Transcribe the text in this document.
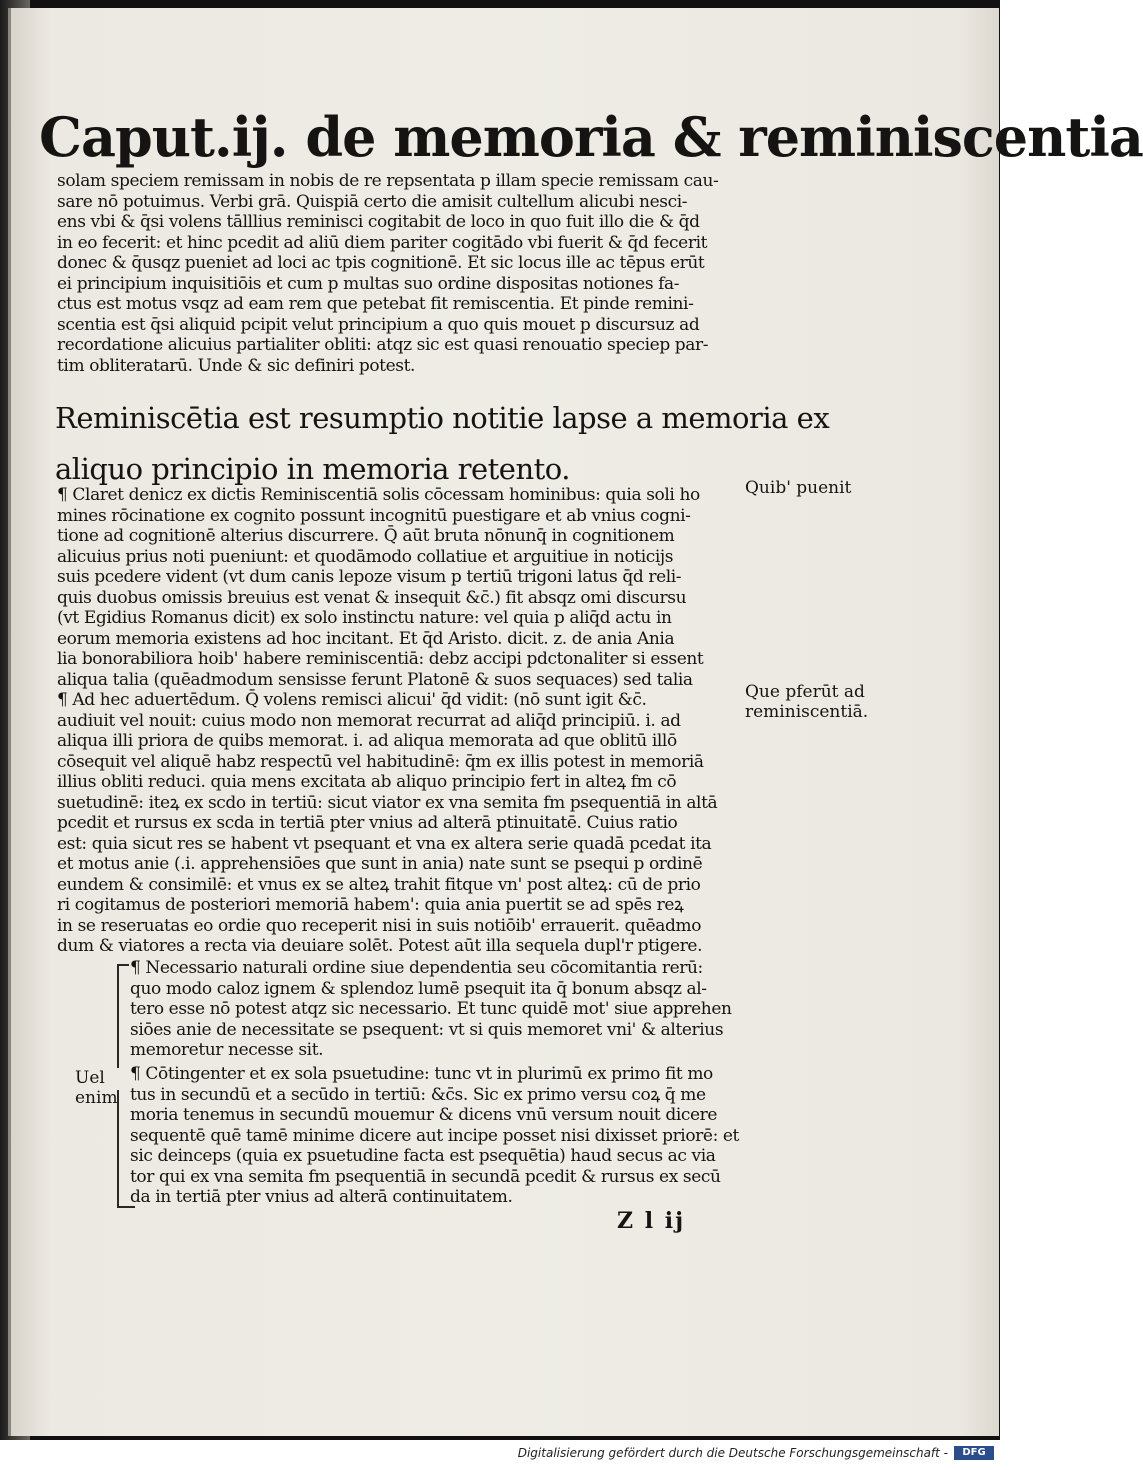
Caput.ij. de memoria & reminiscentia
solam speciem remissam in nobis de re repsentata p illam specie remissam cau-
sare nō potuimus. Verbi grā. Quispiā certo die amisit cultellum alicubi nesci-
ens vbi & q̄si volens tālllius reminisci cogitabit de loco in quo fuit illo die & q̄d
in eo fecerit: et hinc pcedit ad aliū diem pariter cogitādo vbi fuerit & q̄d fecerit
donec & q̄usqz pueniet ad loci ac tpis cognitionē. Et sic locus ille ac tēpus erūt
ei principium inquisitiōis et cum p multas suo ordine dispositas notiones fa-
ctus est motus vsqz ad eam rem que petebat fit remiscentia. Et pinde remini-
scentia est q̄si aliquid pcipit velut principium a quo quis mouet p discursuz ad
recordatione alicuius partialiter obliti: atqz sic est quasi renouatio speciep par-
tim obliteratarū. Unde & sic definiri potest.
Reminiscētia est resumptio notitie lapse a memoria ex
aliquo principio in memoria retento.
¶ Claret denicz ex dictis Reminiscentiā solis cōcessam hominibus: quia soli ho
mines rōcinatione ex cognito possunt incognitū puestigare et ab vnius cogni-
tione ad cognitionē alterius discurrere. Q̄ aūt bruta nōnunq̄ in cognitionem
alicuius prius noti pueniunt: et quodāmodo collatiue et arguitiue in noticijs
suis pcedere vident (vt dum canis lepoze visum p tertiū trigoni latus q̄d reli-
quis duobus omissis breuius est venat & insequit &c̄.) fit absqz omi discursu
(vt Egidius Romanus dicit) ex solo instinctu nature: vel quia p aliq̄d actu in
eorum memoria existens ad hoc incitant. Et q̄d Aristo. dicit. z. de ania Ania
lia bonorabiliora hoib' habere reminiscentiā: debz accipi pdctonaliter si essent
aliqua talia (quēadmodum sensisse ferunt Platonē & suos sequaces) sed talia
¶ Ad hec aduertēdum. Q̄ volens remisci alicui' q̄d vidit: (nō sunt igit &c̄.
audiuit vel nouit: cuius modo non memorat recurrat ad aliq̄d principiū. i. ad
aliqua illi priora de quibs memorat. i. ad aliqua memorata ad que oblitū illō
cōsequit vel aliquē habz respectū vel habitudinē: q̄m ex illis potest in memoriā
illius obliti reduci. quia mens excitata ab aliquo principio fert in alteꝝ fm cō
suetudinē: iteꝝ ex scdo in tertiū: sicut viator ex vna semita fm psequentiā in altā
pcedit et rursus ex scda in tertiā pter vnius ad alterā ptinuitatē. Cuius ratio
est: quia sicut res se habent vt psequant et vna ex altera serie quadā pcedat ita
et motus anie (.i. apprehensiōes que sunt in ania) nate sunt se psequi p ordinē
eundem & consimilē: et vnus ex se alteꝝ trahit fitque vn' post alteꝝ: cū de prio
ri cogitamus de posteriori memoriā habem': quia ania puertit se ad spēs reꝝ
in se reseruatas eo ordie quo receperit nisi in suis notiōib' errauerit. quēadmo
dum & viatores a recta via deuiare solēt. Potest aūt illa sequela dupl'r ptigere.
Quib' puenit
Que pferūt ad
reminiscentiā.
¶ Necessario naturali ordine siue dependentia seu cōcomitantia rerū:
quo modo caloz ignem & splendoz lumē psequit ita q̄ bonum absqz al-
tero esse nō potest atqz sic necessario. Et tunc quidē mot' siue apprehen
siōes anie de necessitate se psequent: vt si quis memoret vni' & alterius
memoretur necesse sit.
Uel
enim
¶ Cōtingenter et ex sola psuetudine: tunc vt in plurimū ex primo fit mo
tus in secundū et a secūdo in tertiū: &c̄s. Sic ex primo versu coꝝ q̄ me
moria tenemus in secundū mouemur & dicens vnū versum nouit dicere
sequentē quē tamē minime dicere aut incipe posset nisi dixisset priorē: et
sic deinceps (quia ex psuetudine facta est psequētia) haud secus ac via
tor qui ex vna semita fm psequentiā in secundā pcedit & rursus ex secū
da in tertiā pter vnius ad alterā continuitatem.
Z l ij
Digitalisierung gefördert durch die Deutsche Forschungsgemeinschaft -	DFG
